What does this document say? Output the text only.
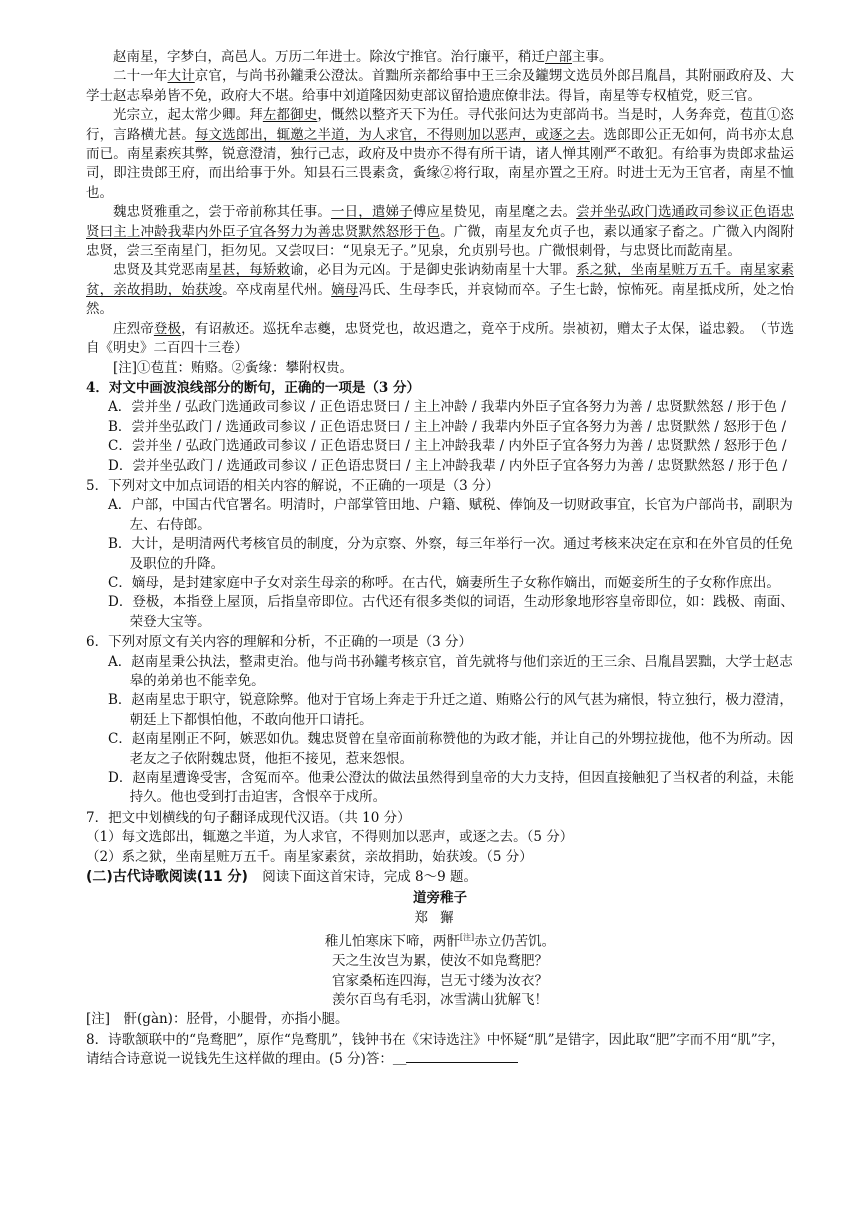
赵南星，字梦白，高邑人。万历二年进士。除汝宁推官。治行廉平，稍迁户部主事。

二十一年大计京官，与尚书孙鑨秉公澄汰。首黜所亲都给事中王三余及鑨甥文选员外郎吕胤昌，其附丽政府及、大学士赵志皋弟皆不免，政府大不堪。给事中刘道隆因劾吏部议留拾遗庶僚非法。得旨，南星等专权植党，贬三官。

光宗立，起太常少卿。拜左都御史，慨然以整齐天下为任。寻代张问达为吏部尚书。当是时，人务奔竞，苞苴①恣行，言路横尤甚。每文选郎出，辄邀之半道，为人求官，不得则加以恶声，或逐之去。选郎即公正无如何，尚书亦太息而已。南星素疾其弊，锐意澄清，独行己志，政府及中贵亦不得有所干请，诸人惮其刚严不敢犯。有给事为贵郎求盐运司，即注贵郎王府，而出给事于外。知县石三畏素贪，夤缘②将行取，南星亦置之王府。时进士无为王官者，南星不恤也。

魏忠贤雅重之，尝于帝前称其任事。一日，遣娣子傅应星贽见，南星麾之去。尝并坐弘政门选通政司参议正色语忠贤曰主上冲龄我辈内外臣子宜各努力为善忠贤默然怒形于色。广微，南星友允贞子也，素以通家子畜之。广微入内阁附忠贤，尝三至南星门，拒勿见。又尝叹曰：“见泉无子。”见泉，允贞别号也。广微恨刺骨，与忠贤比而龁南星。

忠贤及其党恶南星甚，每矫敕谕，必目为元凶。于是御史张讷劾南星十大罪。系之狱，坐南星赃万五千。南星家素贫，亲故捐助，始获竣。卒戍南星代州。嫡母冯氏、生母李氏，并哀恸而卒。子生七龄，惊怖死。南星抵戍所，处之怡然。

庄烈帝登极，有诏赦还。巡抚牟志夔，忠贤党也，故迟遣之，竟卒于戍所。崇祯初，赠太子太保，谥忠毅。　（节选自《明史》二百四十三卷）

[注]①苞苴：贿赂。②夤缘：攀附权贵。

4．对文中画波浪线部分的断句，正确的一项是（3 分）

A．尝并坐 / 弘政门选通政司参议 / 正色语忠贤曰 / 主上冲龄 / 我辈内外臣子宜各努力为善 / 忠贤默然怒 / 形于色 /
B．尝并坐弘政门 / 选通政司参议 / 正色语忠贤曰 / 主上冲龄 / 我辈内外臣子宜各努力为善 / 忠贤默然 / 怒形于色 /
C．尝并坐 / 弘政门选通政司参议 / 正色语忠贤曰 / 主上冲龄我辈 / 内外臣子宜各努力为善 / 忠贤默然 / 怒形于色 /
D．尝并坐弘政门 / 选通政司参议 / 正色语忠贤曰 / 主上冲龄我辈 / 内外臣子宜各努力为善 / 忠贤默然怒 / 形于色 /

5．下列对文中加点词语的相关内容的解说，不正确的一项是（3 分）

A．户部，中国古代官署名。明清时，户部掌管田地、户籍、赋税、俸饷及一切财政事宜，长官为户部尚书，副职为左、右侍郎。
B．大计，是明清两代考核官员的制度，分为京察、外察，每三年举行一次。通过考核来决定在京和在外官员的任免及职位的升降。
C．嫡母，是封建家庭中子女对亲生母亲的称呼。在古代，嫡妻所生子女称作嫡出，而姬妾所生的子女称作庶出。
D．登极，本指登上屋顶，后指皇帝即位。古代还有很多类似的词语，生动形象地形容皇帝即位，如：践极、南面、荣登大宝等。

6．下列对原文有关内容的理解和分析，不正确的一项是（3 分）

A．赵南星秉公执法，整肃吏治。他与尚书孙鑨考核京官，首先就将与他们亲近的王三余、吕胤昌罢黜，大学士赵志皋的弟弟也不能幸免。
B．赵南星忠于职守，锐意除弊。他对于官场上奔走于升迁之道、贿赂公行的风气甚为痛恨，特立独行，极力澄清，朝廷上下都惧怕他，不敢向他开口请托。
C．赵南星刚正不阿，嫉恶如仇。魏忠贤曾在皇帝面前称赞他的为政才能，并让自己的外甥拉拢他，他不为所动。因老友之子依附魏忠贤，他拒不接见，惹来怨恨。
D．赵南星遭谗受害，含冤而卒。他秉公澄汰的做法虽然得到皇帝的大力支持，但因直接触犯了当权者的利益，未能持久。他也受到打击迫害，含恨卒于戍所。

7．把文中划横线的句子翻译成现代汉语。（共 10 分）

（1）每文选郎出，辄邀之半道，为人求官，不得则加以恶声，或逐之去。（5 分）

（2）系之狱，坐南星赃万五千。南星家素贫，亲故捐助，始获竣。（5 分）

(二)古代诗歌阅读(11 分) 阅读下面这首宋诗，完成 8～9 题。

道旁稚子
郑獬
稚儿怕寒床下啼，两骭[注]赤立仍苦饥。
天之生汝岂为累，使汝不如凫鹜肥？
官家桑柘连四海，岂无寸缕为汝衣？
羡尔百鸟有毛羽，冰雪满山犹解飞！

[注]　骭(gàn)：胫骨，小腿骨，亦指小腿。

8．诗歌颔联中的“凫鹜肥”，原作“凫鹜肌”，钱钟书在《宋诗选注》中怀疑“肌”是错字，因此取“肥”字而不用“肌”字，请结合诗意说一说钱先生这样做的理由。(5 分)答：＿
